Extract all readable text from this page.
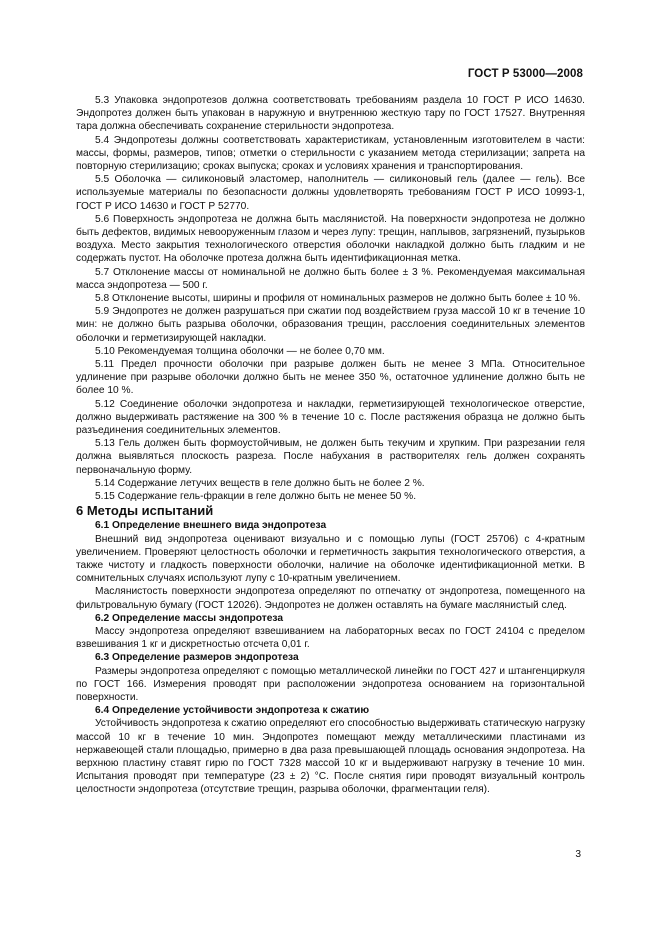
ГОСТ Р 53000—2008

5.3 Упаковка эндопротезов должна соответствовать требованиям раздела 10 ГОСТ Р ИСО 14630. Эндопротез должен быть упакован в наружную и внутреннюю жесткую тару по ГОСТ 17527. Внутренняя тара должна обеспечивать сохранение стерильности эндопротеза.

5.4 Эндопротезы должны соответствовать характеристикам, установленным изготовителем в части: массы, формы, размеров, типов; отметки о стерильности с указанием метода стерилизации; запрета на повторную стерилизацию; сроках выпуска; сроках и условиях хранения и транспортирования.

5.5 Оболочка — силиконовый эластомер, наполнитель — силиконовый гель (далее — гель). Все используемые материалы по безопасности должны удовлетворять требованиям ГОСТ Р ИСО 10993-1, ГОСТ Р ИСО 14630 и ГОСТ Р 52770.

5.6 Поверхность эндопротеза не должна быть маслянистой. На поверхности эндопротеза не должно быть дефектов, видимых невооруженным глазом и через лупу: трещин, наплывов, загрязнений, пузырьков воздуха. Место закрытия технологического отверстия оболочки накладкой должно быть гладким и не содержать пустот. На оболочке протеза должна быть идентификационная метка.

5.7 Отклонение массы от номинальной не должно быть более ± 3 %. Рекомендуемая максимальная масса эндопротеза — 500 г.

5.8 Отклонение высоты, ширины и профиля от номинальных размеров не должно быть более ± 10 %.

5.9 Эндопротез не должен разрушаться при сжатии под воздействием груза массой 10 кг в течение 10 мин: не должно быть разрыва оболочки, образования трещин, расслоения соединительных элементов оболочки и герметизирующей накладки.

5.10 Рекомендуемая толщина оболочки — не более 0,70 мм.

5.11 Предел прочности оболочки при разрыве должен быть не менее 3 МПа. Относительное удлинение при разрыве оболочки должно быть не менее 350 %, остаточное удлинение должно быть не более 10 %.

5.12 Соединение оболочки эндопротеза и накладки, герметизирующей технологическое отверстие, должно выдерживать растяжение на 300 % в течение 10 с. После растяжения образца не должно быть разъединения соединительных элементов.

5.13 Гель должен быть формоустойчивым, не должен быть текучим и хрупким. При разрезании геля должна выявляться плоскость разреза. После набухания в растворителях гель должен сохранять первоначальную форму.

5.14 Содержание летучих веществ в геле должно быть не более 2 %.

5.15 Содержание гель-фракции в геле должно быть не менее 50 %.

6 Методы испытаний

6.1 Определение внешнего вида эндопротеза

Внешний вид эндопротеза оценивают визуально и с помощью лупы (ГОСТ 25706) с 4-кратным увеличением. Проверяют целостность оболочки и герметичность закрытия технологического отверстия, а также чистоту и гладкость поверхности оболочки, наличие на оболочке идентификационной метки. В сомнительных случаях используют лупу с 10-кратным увеличением.

Маслянистость поверхности эндопротеза определяют по отпечатку от эндопротеза, помещенного на фильтровальную бумагу (ГОСТ 12026). Эндопротез не должен оставлять на бумаге маслянистый след.

6.2 Определение массы эндопротеза

Массу эндопротеза определяют взвешиванием на лабораторных весах по ГОСТ 24104 с пределом взвешивания 1 кг и дискретностью отсчета 0,01 г.

6.3 Определение размеров эндопротеза

Размеры эндопротеза определяют с помощью металлической линейки по ГОСТ 427 и штангенциркуля по ГОСТ 166. Измерения проводят при расположении эндопротеза основанием на горизонтальной поверхности.

6.4 Определение устойчивости эндопротеза к сжатию

Устойчивость эндопротеза к сжатию определяют его способностью выдерживать статическую нагрузку массой 10 кг в течение 10 мин. Эндопротез помещают между металлическими пластинами из нержавеющей стали площадью, примерно в два раза превышающей площадь основания эндопротеза. На верхнюю пластину ставят гирю по ГОСТ 7328 массой 10 кг и выдерживают нагрузку в течение 10 мин. Испытания проводят при температуре (23 ± 2) °С. После снятия гири проводят визуальный контроль целостности эндопротеза (отсутствие трещин, разрыва оболочки, фрагментации геля).

3
